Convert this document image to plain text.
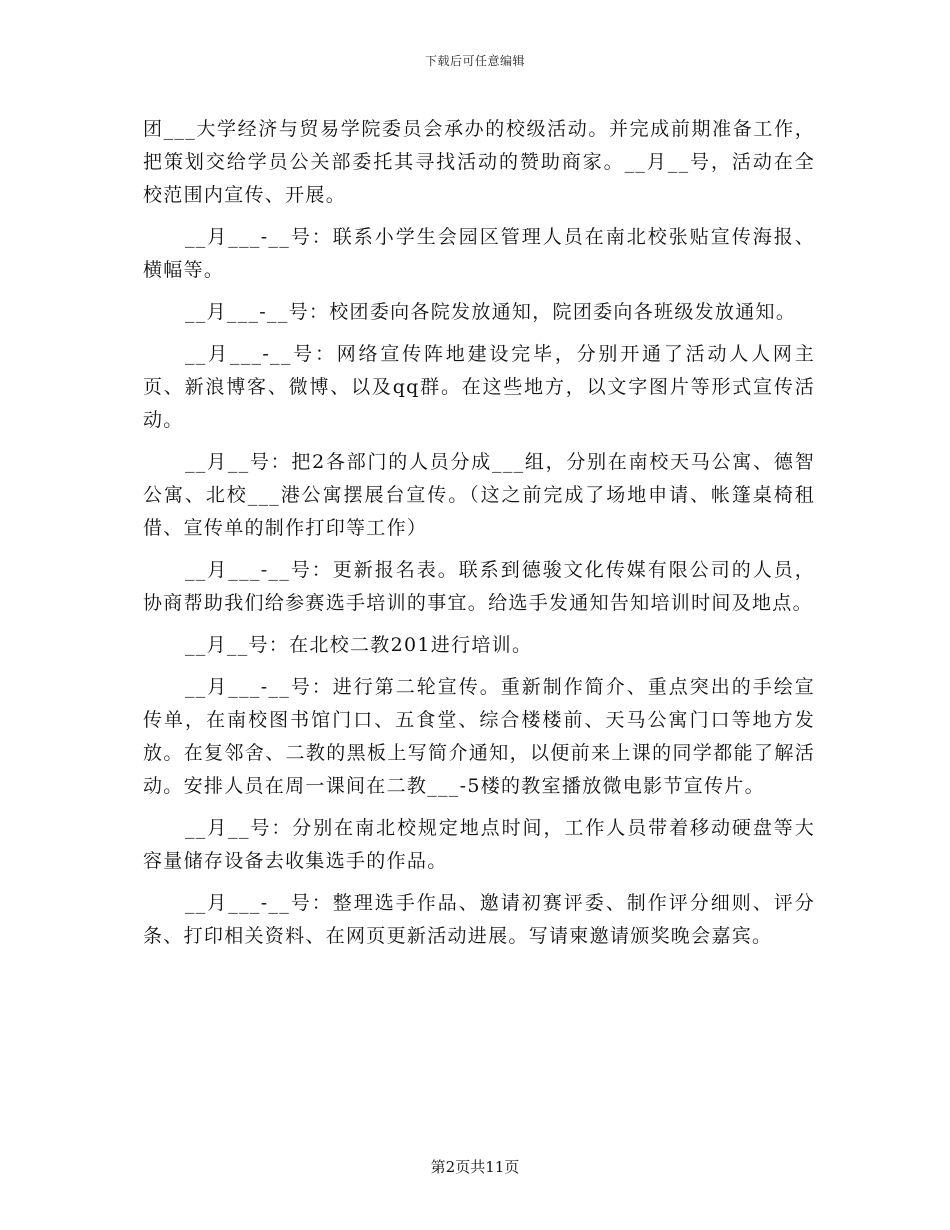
下载后可任意编辑

团___大学经济与贸易学院委员会承办的校级活动。并完成前期准备工作，把策划交给学员公关部委托其寻找活动的赞助商家。__月__号，活动在全校范围内宣传、开展。

__月___-__号：联系小学生会园区管理人员在南北校张贴宣传海报、横幅等。

__月___-__号：校团委向各院发放通知，院团委向各班级发放通知。

__月___-__号：网络宣传阵地建设完毕，分别开通了活动人人网主页、新浪博客、微博、以及qq群。在这些地方，以文字图片等形式宣传活动。

__月__号：把2各部门的人员分成___组，分别在南校天马公寓、德智公寓、北校___港公寓摆展台宣传。（这之前完成了场地申请、帐篷桌椅租借、宣传单的制作打印等工作）

__月___-__号：更新报名表。联系到德骏文化传媒有限公司的人员，协商帮助我们给参赛选手培训的事宜。给选手发通知告知培训时间及地点。

__月__号：在北校二教201进行培训。

__月___-__号：进行第二轮宣传。重新制作简介、重点突出的手绘宣传单，在南校图书馆门口、五食堂、综合楼楼前、天马公寓门口等地方发放。在复邻舍、二教的黑板上写简介通知，以便前来上课的同学都能了解活动。安排人员在周一课间在二教___-5楼的教室播放微电影节宣传片。

__月__号：分别在南北校规定地点时间，工作人员带着移动硬盘等大容量储存设备去收集选手的作品。

__月___-__号：整理选手作品、邀请初赛评委、制作评分细则、评分条、打印相关资料、在网页更新活动进展。写请柬邀请颁奖晚会嘉宾。

第2页共11页
